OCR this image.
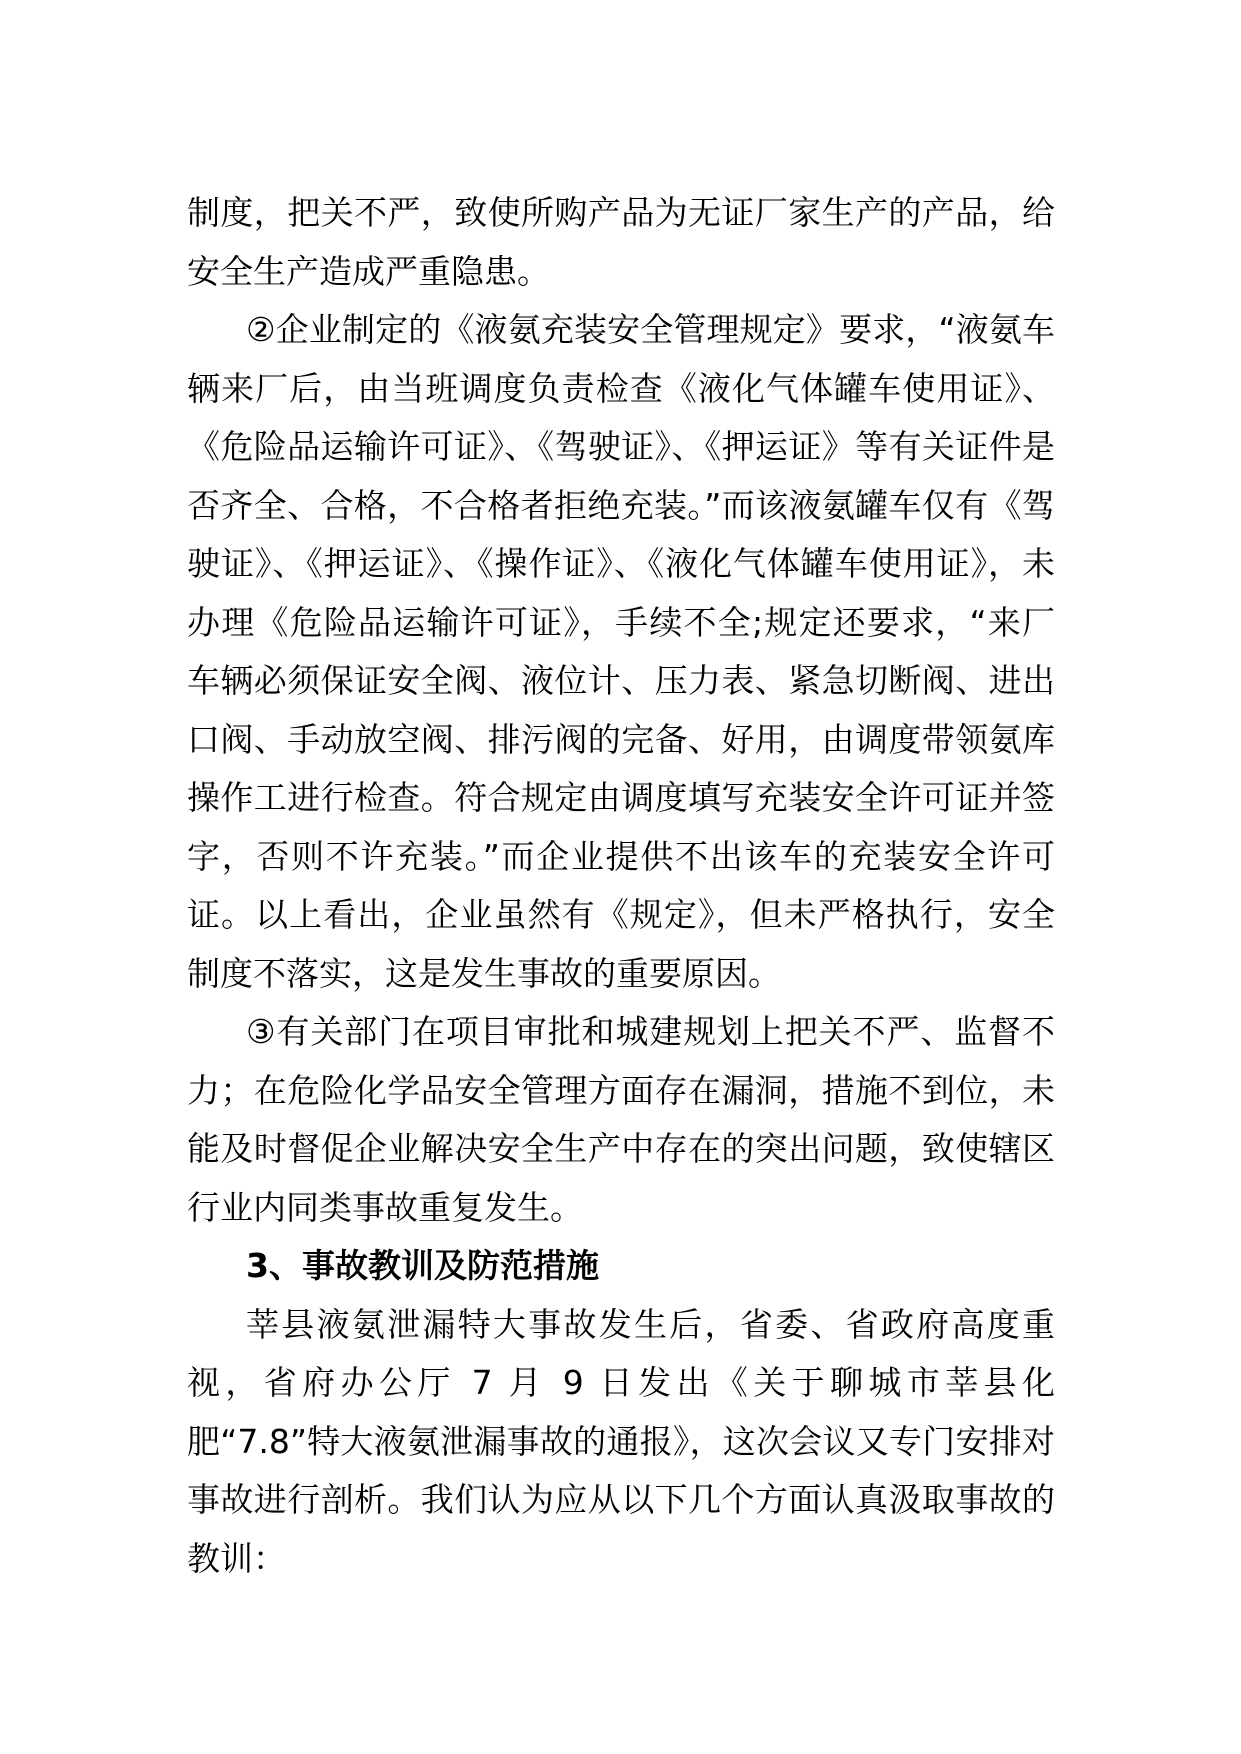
制度，把关不严，致使所购产品为无证厂家生产的产品，给安全生产造成严重隐患。

②企业制定的《液氨充装安全管理规定》要求，“液氨车辆来厂后，由当班调度负责检查《液化气体罐车使用证》、《危险品运输许可证》、《驾驶证》、《押运证》等有关证件是否齐全、合格，不合格者拒绝充装。”而该液氨罐车仅有《驾驶证》、《押运证》、《操作证》、《液化气体罐车使用证》，未办理《危险品运输许可证》，手续不全;规定还要求，“来厂车辆必须保证安全阀、液位计、压力表、紧急切断阀、进出口阀、手动放空阀、排污阀的完备、好用，由调度带领氨库操作工进行检查。符合规定由调度填写充装安全许可证并签字，否则不许充装。”而企业提供不出该车的充装安全许可证。以上看出，企业虽然有《规定》，但未严格执行，安全制度不落实，这是发生事故的重要原因。

③有关部门在项目审批和城建规划上把关不严、监督不力；在危险化学品安全管理方面存在漏洞，措施不到位，未能及时督促企业解决安全生产中存在的突出问题，致使辖区行业内同类事故重复发生。

3、事故教训及防范措施

莘县液氨泄漏特大事故发生后，省委、省政府高度重视，省府办公厅 7 月 9 日发出《关于聊城市莘县化肥“7.8”特大液氨泄漏事故的通报》，这次会议又专门安排对事故进行剖析。我们认为应从以下几个方面认真汲取事故的教训：
